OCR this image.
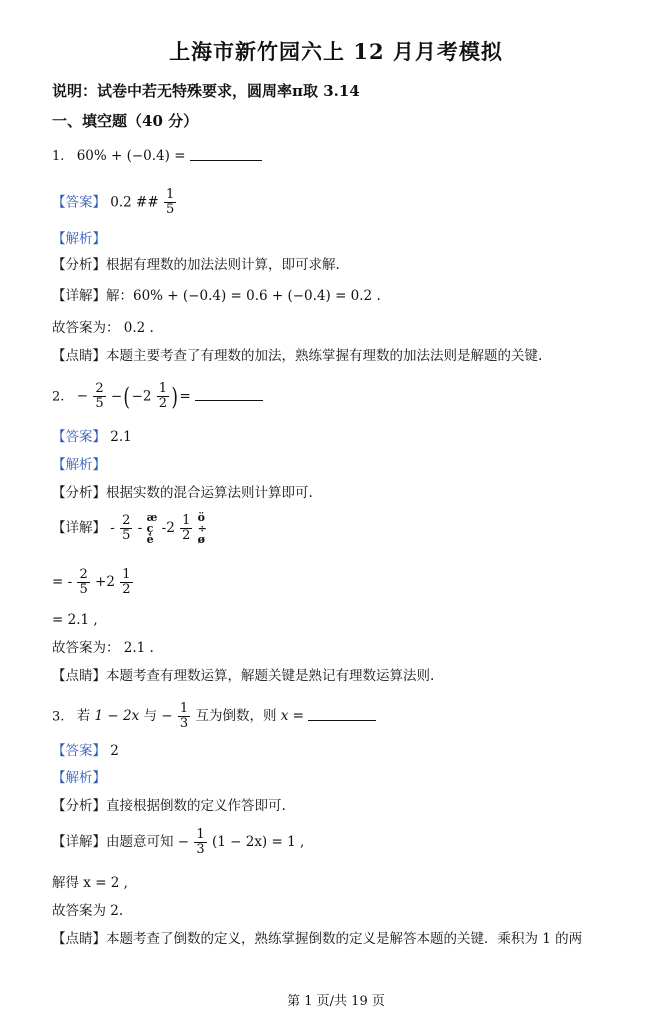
上海市新竹园六上 12 月月考模拟
说明：试卷中若无特殊要求，圆周率π取 3.14
一、填空题（40 分）
1. 60% + (−0.4) =
【答案】 0.2 ## $\frac{1}{5}$
【解析】
【分析】根据有理数的加法法则计算，即可求解.
【详解】解：60% + (−0.4) = 0.6 + (−0.4) = 0.2 .
故答案为： 0.2 .
【点睛】本题主要考查了有理数的加法，熟练掌握有理数的加法法则是解题的关键.
2. − $\frac{2}{5} -(-2 \frac{1}{2}$ )=
【答案】 2.1
【解析】
【分析】根据实数的混合运算法则计算即可.
【详解】 - $\frac{2}{5}$ -
æ
ç
è
$-2 \frac{1}{2}$
ö
÷
ø
= - $\frac{2}{5} +2 \frac{1}{2}$
= 2.1 ,
故答案为： 2.1 .
【点睛】本题考查有理数运算，解题关键是熟记有理数运算法则.
3. 若 1 − 2x 与 − $\frac{1}{3}$ 互为倒数，则 x =
【答案】 2
【解析】
【分析】直接根据倒数的定义作答即可.
【详解】由题意可知 − $\frac{1}{3} (1 - 2x) = 1$ ,
解得 x = 2 ,
故答案为 2.
【点睛】本题考查了倒数的定义，熟练掌握倒数的定义是解答本题的关键．乘积为 1 的两
第 1 页/共 19 页
